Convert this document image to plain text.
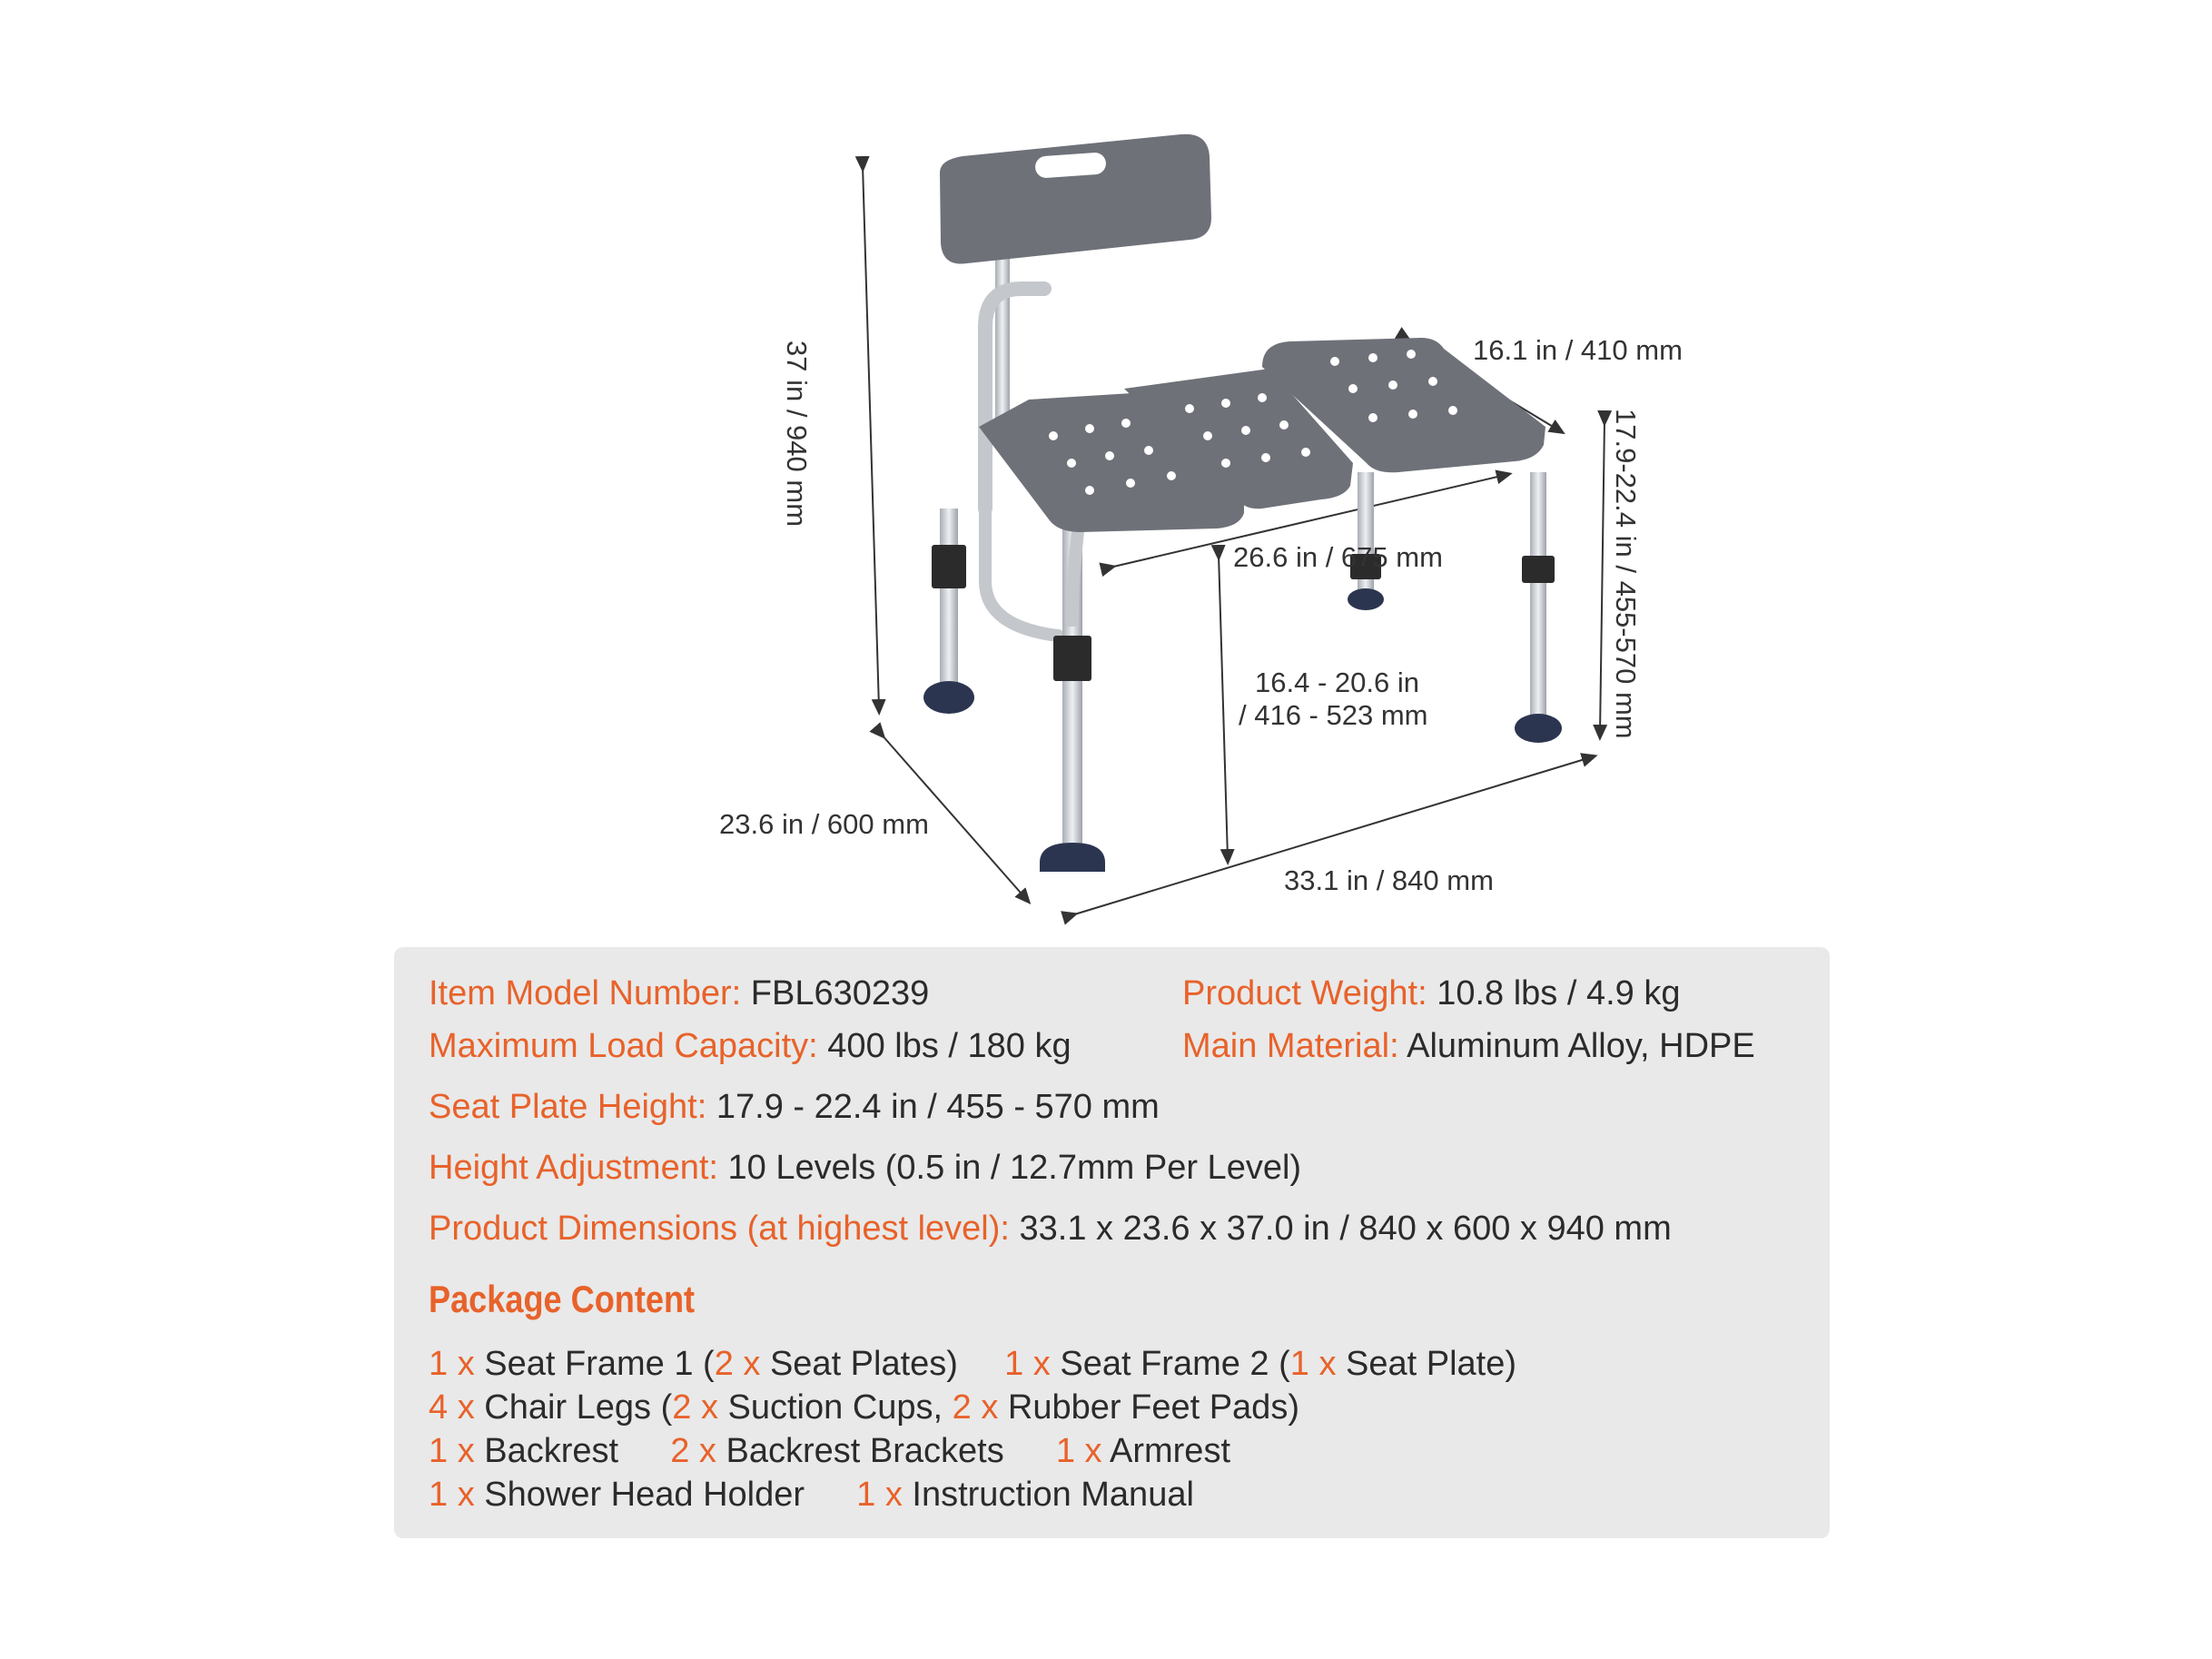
37 in / 940 mm	16.1 in / 410 mm
17.9-22.4 in / 455-570 mm
26.6 in / 675 mm
16.4 - 20.6 in
/ 416 - 523 mm
23.6 in / 600 mm
33.1 in / 840 mm
Item Model Number: FBL630239	Product Weight: 10.8 lbs / 4.9 kg
Maximum Load Capacity: 400 lbs / 180 kg	Main Material: Aluminum Alloy, HDPE
Seat Plate Height: 17.9 - 22.4 in / 455 - 570 mm
Height Adjustment: 10 Levels (0.5 in / 12.7mm Per Level)
Product Dimensions (at highest level): 33.1 x 23.6 x 37.0 in / 840 x 600 x 940 mm
Package Content
1 x Seat Frame 1 (2 x Seat Plates) 1 x Seat Frame 2 (1 x Seat Plate)
4 x Chair Legs (2 x Suction Cups, 2 x Rubber Feet Pads)
1 x Backrest 2 x Backrest Brackets 1 x Armrest
1 x Shower Head Holder 1 x Instruction Manual
